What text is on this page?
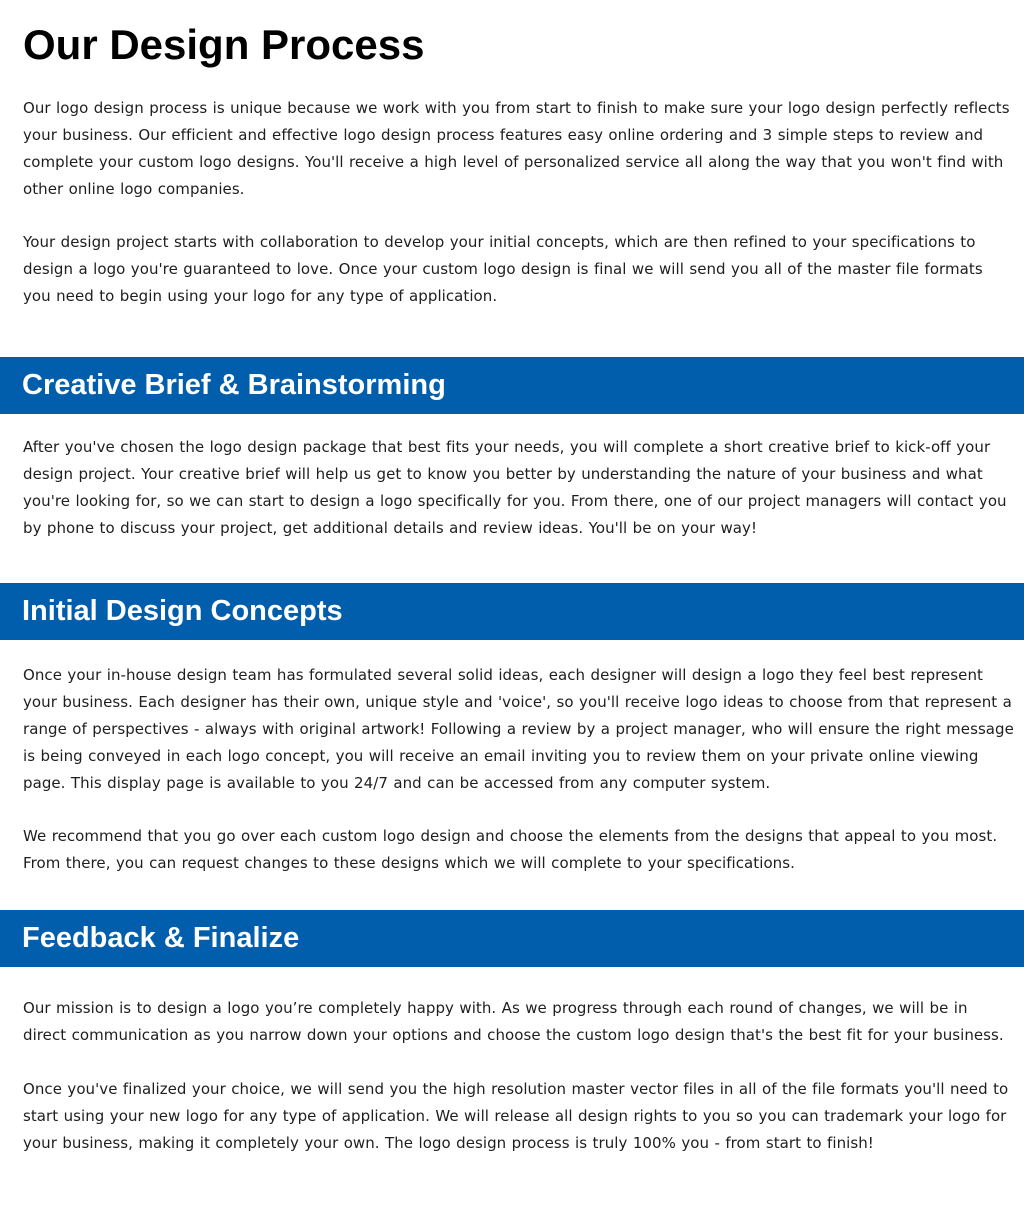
Our Design Process

Our logo design process is unique because we work with you from start to finish to make sure your logo design perfectly reflects your business. Our efficient and effective logo design process features easy online ordering and 3 simple steps to review and complete your custom logo designs. You'll receive a high level of personalized service all along the way that you won't find with other online logo companies.

Your design project starts with collaboration to develop your initial concepts, which are then refined to your specifications to design a logo you're guaranteed to love. Once your custom logo design is final we will send you all of the master file formats you need to begin using your logo for any type of application.

Creative Brief & Brainstorming

After you've chosen the logo design package that best fits your needs, you will complete a short creative brief to kick-off your design project. Your creative brief will help us get to know you better by understanding the nature of your business and what you're looking for, so we can start to design a logo specifically for you. From there, one of our project managers will contact you by phone to discuss your project, get additional details and review ideas. You'll be on your way!

Initial Design Concepts

Once your in-house design team has formulated several solid ideas, each designer will design a logo they feel best represent your business. Each designer has their own, unique style and 'voice', so you'll receive logo ideas to choose from that represent a range of perspectives - always with original artwork! Following a review by a project manager, who will ensure the right message is being conveyed in each logo concept, you will receive an email inviting you to review them on your private online viewing page. This display page is available to you 24/7 and can be accessed from any computer system.

We recommend that you go over each custom logo design and choose the elements from the designs that appeal to you most. From there, you can request changes to these designs which we will complete to your specifications.

Feedback & Finalize

Our mission is to design a logo you’re completely happy with. As we progress through each round of changes, we will be in direct communication as you narrow down your options and choose the custom logo design that's the best fit for your business.

Once you've finalized your choice, we will send you the high resolution master vector files in all of the file formats you'll need to start using your new logo for any type of application. We will release all design rights to you so you can trademark your logo for your business, making it completely your own. The logo design process is truly 100% you - from start to finish!
